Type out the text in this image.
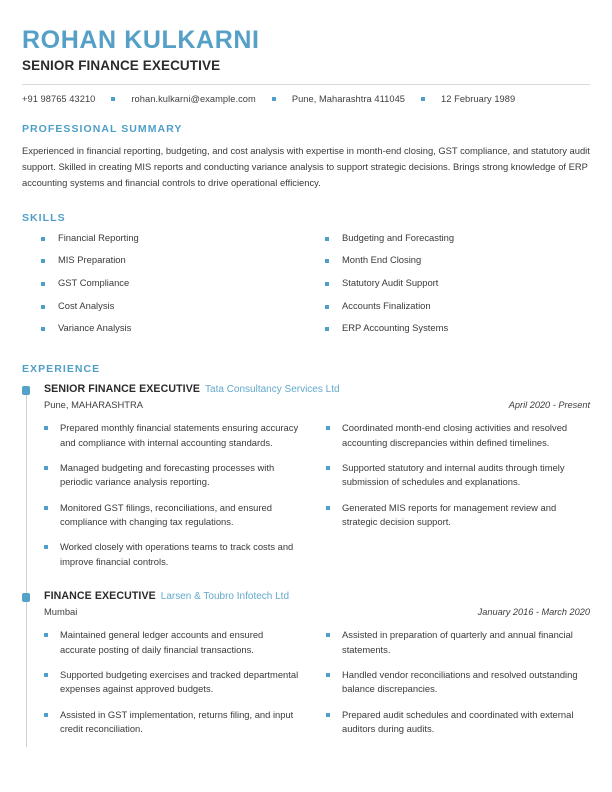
ROHAN KULKARNI
SENIOR FINANCE EXECUTIVE
+91 98765 43210	rohan.kulkarni@example.com	Pune, Maharashtra 411045	12 February 1989
PROFESSIONAL SUMMARY
Experienced in financial reporting, budgeting, and cost analysis with expertise in month-end closing, GST compliance, and statutory audit support. Skilled in creating MIS reports and conducting variance analysis to support strategic decisions. Brings strong knowledge of ERP accounting systems and financial controls to drive operational efficiency.
SKILLS
Financial Reporting
MIS Preparation
GST Compliance
Cost Analysis
Variance Analysis
Budgeting and Forecasting
Month End Closing
Statutory Audit Support
Accounts Finalization
ERP Accounting Systems
EXPERIENCE
SENIOR FINANCE EXECUTIVE Tata Consultancy Services Ltd
Pune, MAHARASHTRA	April 2020 - Present
Prepared monthly financial statements ensuring accuracy and compliance with internal accounting standards.
Managed budgeting and forecasting processes with periodic variance analysis reporting.
Monitored GST filings, reconciliations, and ensured compliance with changing tax regulations.
Worked closely with operations teams to track costs and improve financial controls.
Coordinated month-end closing activities and resolved accounting discrepancies within defined timelines.
Supported statutory and internal audits through timely submission of schedules and explanations.
Generated MIS reports for management review and strategic decision support.
FINANCE EXECUTIVE Larsen & Toubro Infotech Ltd
Mumbai	January 2016 - March 2020
Maintained general ledger accounts and ensured accurate posting of daily financial transactions.
Supported budgeting exercises and tracked departmental expenses against approved budgets.
Assisted in GST implementation, returns filing, and input credit reconciliation.
Assisted in preparation of quarterly and annual financial statements.
Handled vendor reconciliations and resolved outstanding balance discrepancies.
Prepared audit schedules and coordinated with external auditors during audits.
